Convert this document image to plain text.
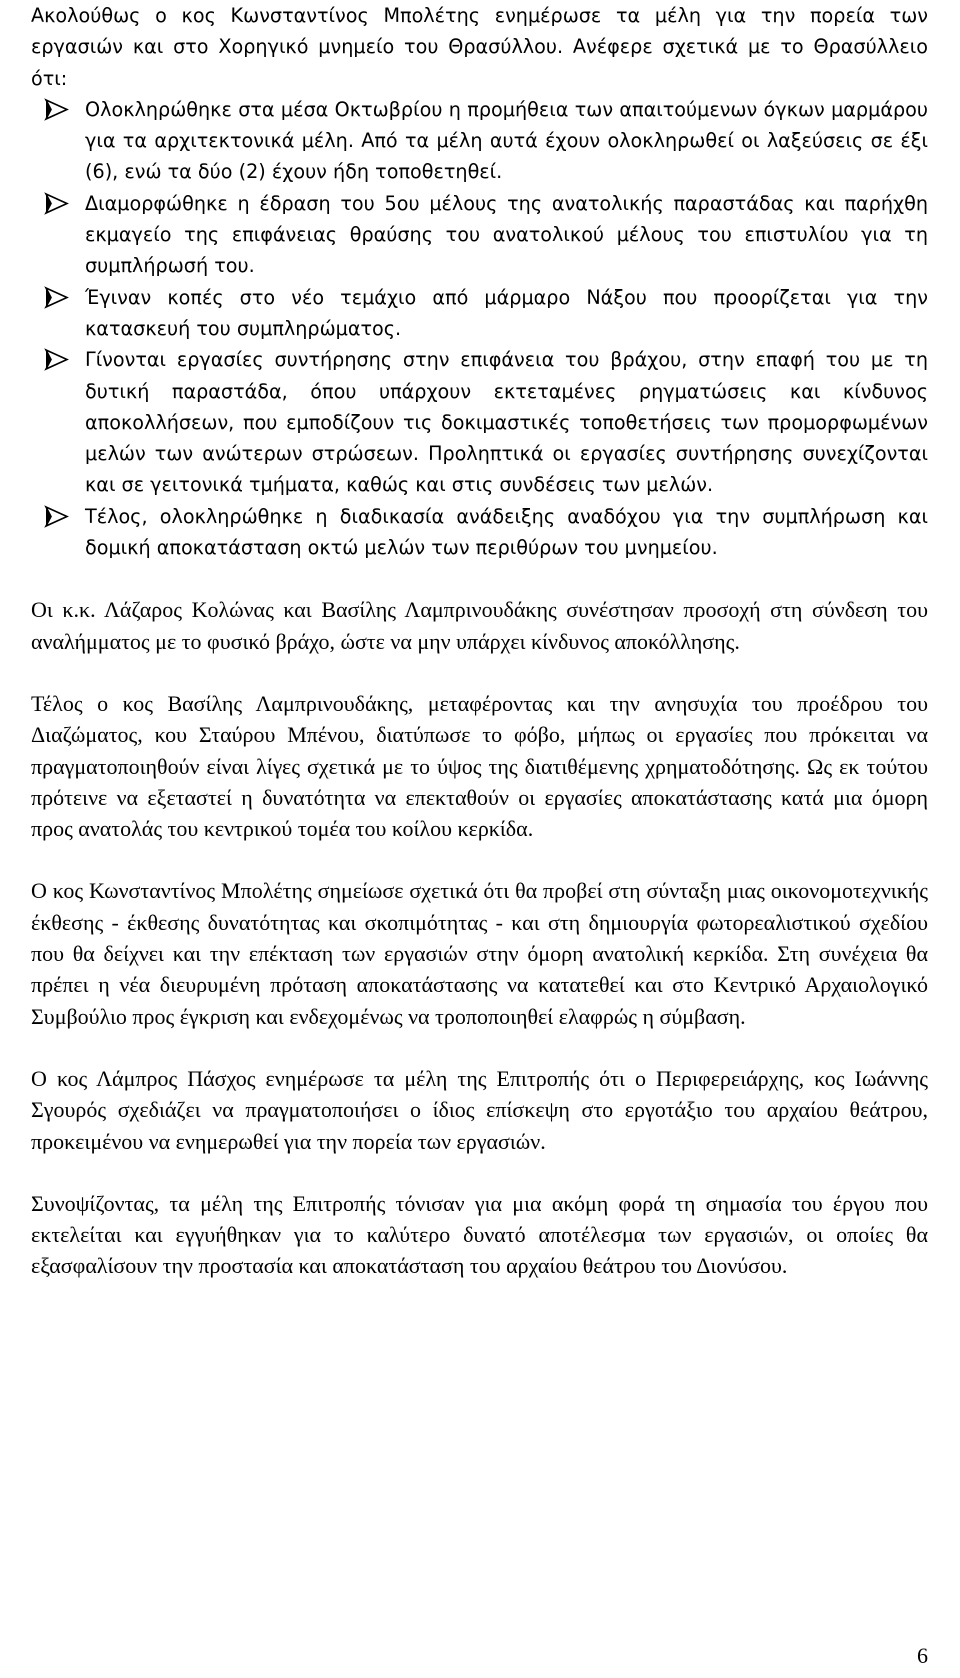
Ακολούθως ο κος Κωνσταντίνος Μπολέτης ενημέρωσε τα μέλη για την πορεία των εργασιών και στο Χορηγικό μνημείο του Θρασύλλου. Ανέφερε σχετικά με το Θρασύλλειο ότι:

Ολοκληρώθηκε στα μέσα Οκτωβρίου η προμήθεια των απαιτούμενων όγκων μαρμάρου για τα αρχιτεκτονικά μέλη. Από τα μέλη αυτά έχουν ολοκληρωθεί οι λαξεύσεις σε έξι (6), ενώ τα δύο (2) έχουν ήδη τοποθετηθεί.
Διαμορφώθηκε η έδραση του 5ου μέλους της ανατολικής παραστάδας και παρήχθη εκμαγείο της επιφάνειας θραύσης του ανατολικού μέλους του επιστυλίου για τη συμπλήρωσή του.
Έγιναν κοπές στο νέο τεμάχιο από μάρμαρο Νάξου που προορίζεται για την κατασκευή του συμπληρώματος.
Γίνονται εργασίες συντήρησης στην επιφάνεια του βράχου, στην επαφή του με τη δυτική παραστάδα, όπου υπάρχουν εκτεταμένες ρηγματώσεις και κίνδυνος αποκολλήσεων, που εμποδίζουν τις δοκιμαστικές τοποθετήσεις των προμορφωμένων μελών των ανώτερων στρώσεων. Προληπτικά οι εργασίες συντήρησης συνεχίζονται και σε γειτονικά τμήματα, καθώς και στις συνδέσεις των μελών.
Τέλος, ολοκληρώθηκε η διαδικασία ανάδειξης αναδόχου για την συμπλήρωση και δομική αποκατάσταση οκτώ μελών των περιθύρων του μνημείου.

Οι κ.κ. Λάζαρος Κολώνας και Βασίλης Λαμπρινουδάκης συνέστησαν προσοχή στη σύνδεση του αναλήμματος με το φυσικό βράχο, ώστε να μην υπάρχει κίνδυνος αποκόλλησης.

Τέλος ο κος Βασίλης Λαμπρινουδάκης, μεταφέροντας και την ανησυχία του προέδρου του Διαζώματος, κου Σταύρου Μπένου, διατύπωσε το φόβο, μήπως οι εργασίες που πρόκειται να πραγματοποιηθούν είναι λίγες σχετικά με το ύψος της διατιθέμενης χρηματοδότησης. Ως εκ τούτου πρότεινε να εξεταστεί η δυνατότητα να επεκταθούν οι εργασίες αποκατάστασης κατά μια όμορη προς ανατολάς του κεντρικού τομέα του κοίλου κερκίδα.

Ο κος Κωνσταντίνος Μπολέτης σημείωσε σχετικά ότι θα προβεί στη σύνταξη μιας οικονομοτεχνικής έκθεσης - έκθεσης δυνατότητας και σκοπιμότητας - και στη δημιουργία φωτορεαλιστικού σχεδίου που θα δείχνει και την επέκταση των εργασιών στην όμορη ανατολική κερκίδα. Στη συνέχεια θα πρέπει η νέα διευρυμένη πρόταση αποκατάστασης να κατατεθεί και στο Κεντρικό Αρχαιολογικό Συμβούλιο προς έγκριση και ενδεχομένως να τροποποιηθεί ελαφρώς η σύμβαση.

Ο κος Λάμπρος Πάσχος ενημέρωσε τα μέλη της Επιτροπής ότι ο Περιφερειάρχης, κος Ιωάννης Σγουρός σχεδιάζει να πραγματοποιήσει ο ίδιος επίσκεψη στο εργοτάξιο του αρχαίου θεάτρου, προκειμένου να ενημερωθεί για την πορεία των εργασιών.

Συνοψίζοντας, τα μέλη της Επιτροπής τόνισαν για μια ακόμη φορά τη σημασία του έργου που εκτελείται και εγγυήθηκαν για το καλύτερο δυνατό αποτέλεσμα των εργασιών, οι οποίες θα εξασφαλίσουν την προστασία και αποκατάσταση του αρχαίου θεάτρου του Διονύσου.

6
